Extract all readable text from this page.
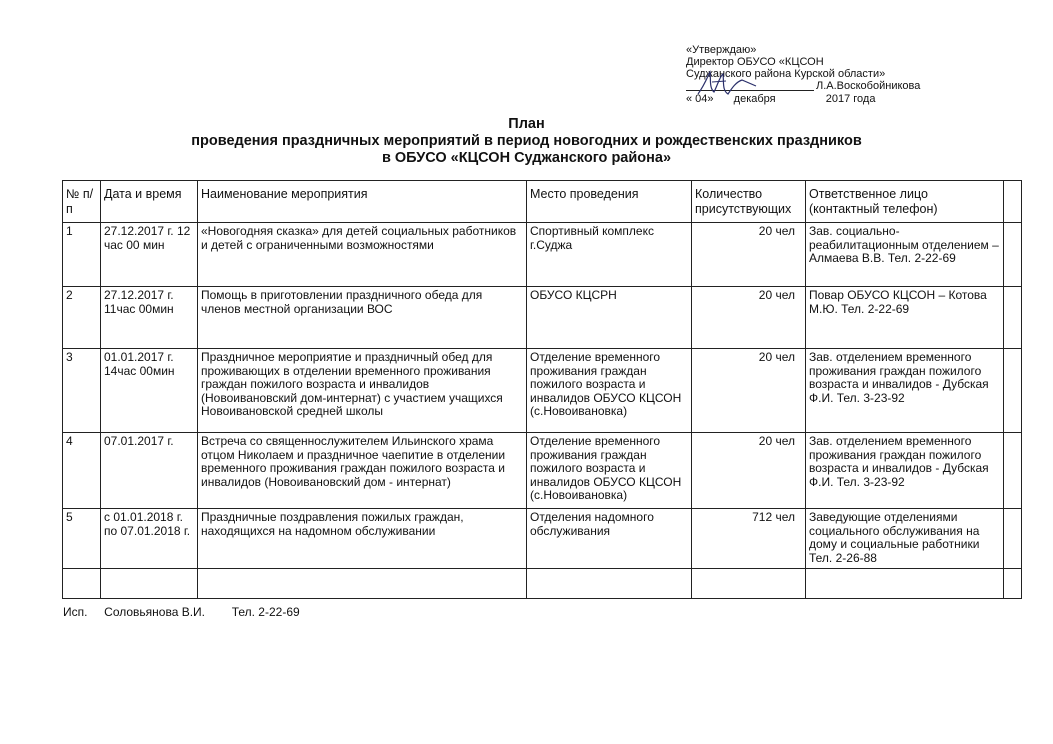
«Утверждаю»
Директор ОБУСО «КЦСОН
Суджанского района Курской области»
Л.А.Воскобойникова
« 04» декабря	2017 года
План
проведения праздничных мероприятий в период новогодних и рождественских праздников
в ОБУСО «КЦСОН Суджанского района»
№ п/п	Дата и время	Наименование мероприятия	Место проведения	Количество присутствующих	Ответственное лицо (контактный телефон)	
1	27.12.2017 г. 12 час 00 мин	«Новогодняя сказка» для детей социальных работников и детей с ограниченными возможностями	Спортивный комплекс г.Суджа	20 чел	Зав. социально-реабилитационным отделением – Алмаева В.В. Тел. 2-22-69	
2	27.12.2017 г. 11час 00мин	Помощь в приготовлении праздничного обеда для членов местной организации ВОС	ОБУСО КЦСРН	20 чел	Повар ОБУСО КЦСОН – Котова М.Ю. Тел. 2-22-69	
3	01.01.2017 г. 14час 00мин	Праздничное мероприятие и праздничный обед для проживающих в отделении временного проживания граждан пожилого возраста и инвалидов (Новоивановский дом-интернат) с участием учащихся Новоивановской средней школы	Отделение временного проживания граждан пожилого возраста и инвалидов ОБУСО КЦСОН (с.Новоивановка)	20 чел	Зав. отделением временного проживания граждан пожилого возраста и инвалидов - Дубская Ф.И. Тел. 3-23-92	
4	07.01.2017 г.	Встреча со священнослужителем Ильинского храма отцом Николаем и праздничное чаепитие в отделении временного проживания граждан пожилого возраста и инвалидов (Новоивановский дом - интернат)	Отделение временного проживания граждан пожилого возраста и инвалидов ОБУСО КЦСОН (с.Новоивановка)	20 чел	Зав. отделением временного проживания граждан пожилого возраста и инвалидов - Дубская Ф.И. Тел. 3-23-92	
5	с 01.01.2018 г. по 07.01.2018 г.	Праздничные поздравления пожилых граждан, находящихся на надомном обслуживании	Отделения надомного обслуживания	712 чел	Заведующие отделениями социального обслуживания на дому и социальные работники Тел. 2-26-88	

Исп. Соловьянова В.И. Тел. 2-22-69
